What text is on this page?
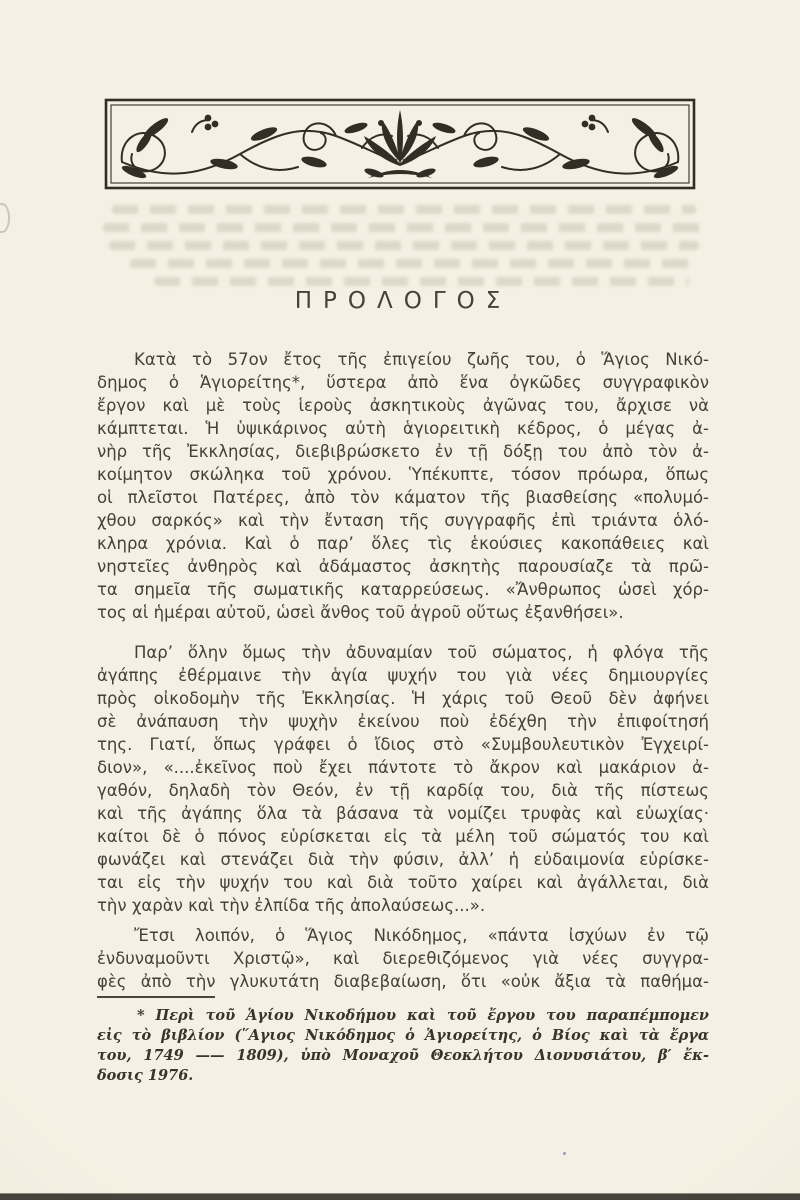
ΠΡΟΛΟΓΟΣ
Κατὰ τὸ 57ον ἔτος τῆς ἐπιγείου ζωῆς του, ὁ Ἅγιος Νικό-
δημος ὁ Ἁγιορείτης*, ὕστερα ἀπὸ ἕνα ὀγκῶδες συγγραφικὸν
ἔργον καὶ μὲ τοὺς ἱεροὺς ἀσκητικοὺς ἀγῶνας του, ἄρχισε νὰ
κάμπτεται. Ἡ ὑψικάρινος αὐτὴ ἁγιορειτικὴ κέδρος, ὁ μέγας ἀ-
νὴρ τῆς Ἐκκλησίας, διεβιβρώσκετο ἐν τῇ δόξῃ του ἀπὸ τὸν ἀ-
κοίμητον σκώληκα τοῦ χρόνου. Ὑπέκυπτε, τόσον πρόωρα, ὅπως
οἱ πλεῖστοι Πατέρες, ἀπὸ τὸν κάματον τῆς βιασθείσης «πολυμό-
χθου σαρκός» καὶ τὴν ἔνταση τῆς συγγραφῆς ἐπὶ τριάντα ὁλό-
κληρα χρόνια. Καὶ ὁ παρ’ ὅλες τὶς ἑκούσιες κακοπάθειες καὶ
νηστεῖες ἀνθηρὸς καὶ ἀδάμαστος ἀσκητὴς παρουσίαζε τὰ πρῶ-
τα σημεῖα τῆς σωματικῆς καταρρεύσεως. «Ἄνθρωπος ὡσεὶ χόρ-
τος αἱ ἡμέραι αὐτοῦ, ὡσεὶ ἄνθος τοῦ ἀγροῦ οὕτως ἐξανθήσει».
Παρ’ ὅλην ὅμως τὴν ἀδυναμίαν τοῦ σώματος, ἡ φλόγα τῆς
ἀγάπης ἐθέρμαινε τὴν ἁγία ψυχήν του γιὰ νέες δημιουργίες
πρὸς οἰκοδομὴν τῆς Ἐκκλησίας. Ἡ χάρις τοῦ Θεοῦ δὲν ἀφήνει
σὲ ἀνάπαυση τὴν ψυχὴν ἐκείνου ποὺ ἐδέχθη τὴν ἐπιφοίτησή
της. Γιατί, ὅπως γράφει ὁ ἴδιος στὸ «Συμβουλευτικὸν Ἐγχειρί-
διον», «....ἐκεῖνος ποὺ ἔχει πάντοτε τὸ ἄκρον καὶ μακάριον ἀ-
γαθόν, δηλαδὴ τὸν Θεόν, ἐν τῇ καρδίᾳ του, διὰ τῆς πίστεως
καὶ τῆς ἀγάπης ὅλα τὰ βάσανα τὰ νομίζει τρυφὰς καὶ εὐωχίας·
καίτοι δὲ ὁ πόνος εὑρίσκεται εἰς τὰ μέλη τοῦ σώματός του καὶ
φωνάζει καὶ στενάζει διὰ τὴν φύσιν, ἀλλ’ ἡ εὐδαιμονία εὑρίσκε-
ται εἰς τὴν ψυχήν του καὶ διὰ τοῦτο χαίρει καὶ ἀγάλλεται, διὰ
τὴν χαρὰν καὶ τὴν ἐλπίδα τῆς ἀπολαύσεως...».
Ἔτσι λοιπόν, ὁ Ἅγιος Νικόδημος, «πάντα ἰσχύων ἐν τῷ
ἐνδυναμοῦντι Χριστῷ», καὶ διερεθιζόμενος γιὰ νέες συγγρα-
φὲς ἀπὸ τὴν γλυκυτάτη διαβεβαίωση, ὅτι «οὐκ ἄξια τὰ παθήμα-
* Περὶ τοῦ Ἁγίου Νικοδήμου καὶ τοῦ ἔργου του παραπέμπομεν
εἰς τὸ βιβλίον (῞Αγιος Νικόδημος ὁ Ἁγιορείτης, ὁ Βίος καὶ τὰ ἔργα
του, 1749 —— 1809), ὑπὸ Μοναχοῦ Θεοκλήτου Διονυσιάτου, β′ ἔκ-
δοσις 1976.
